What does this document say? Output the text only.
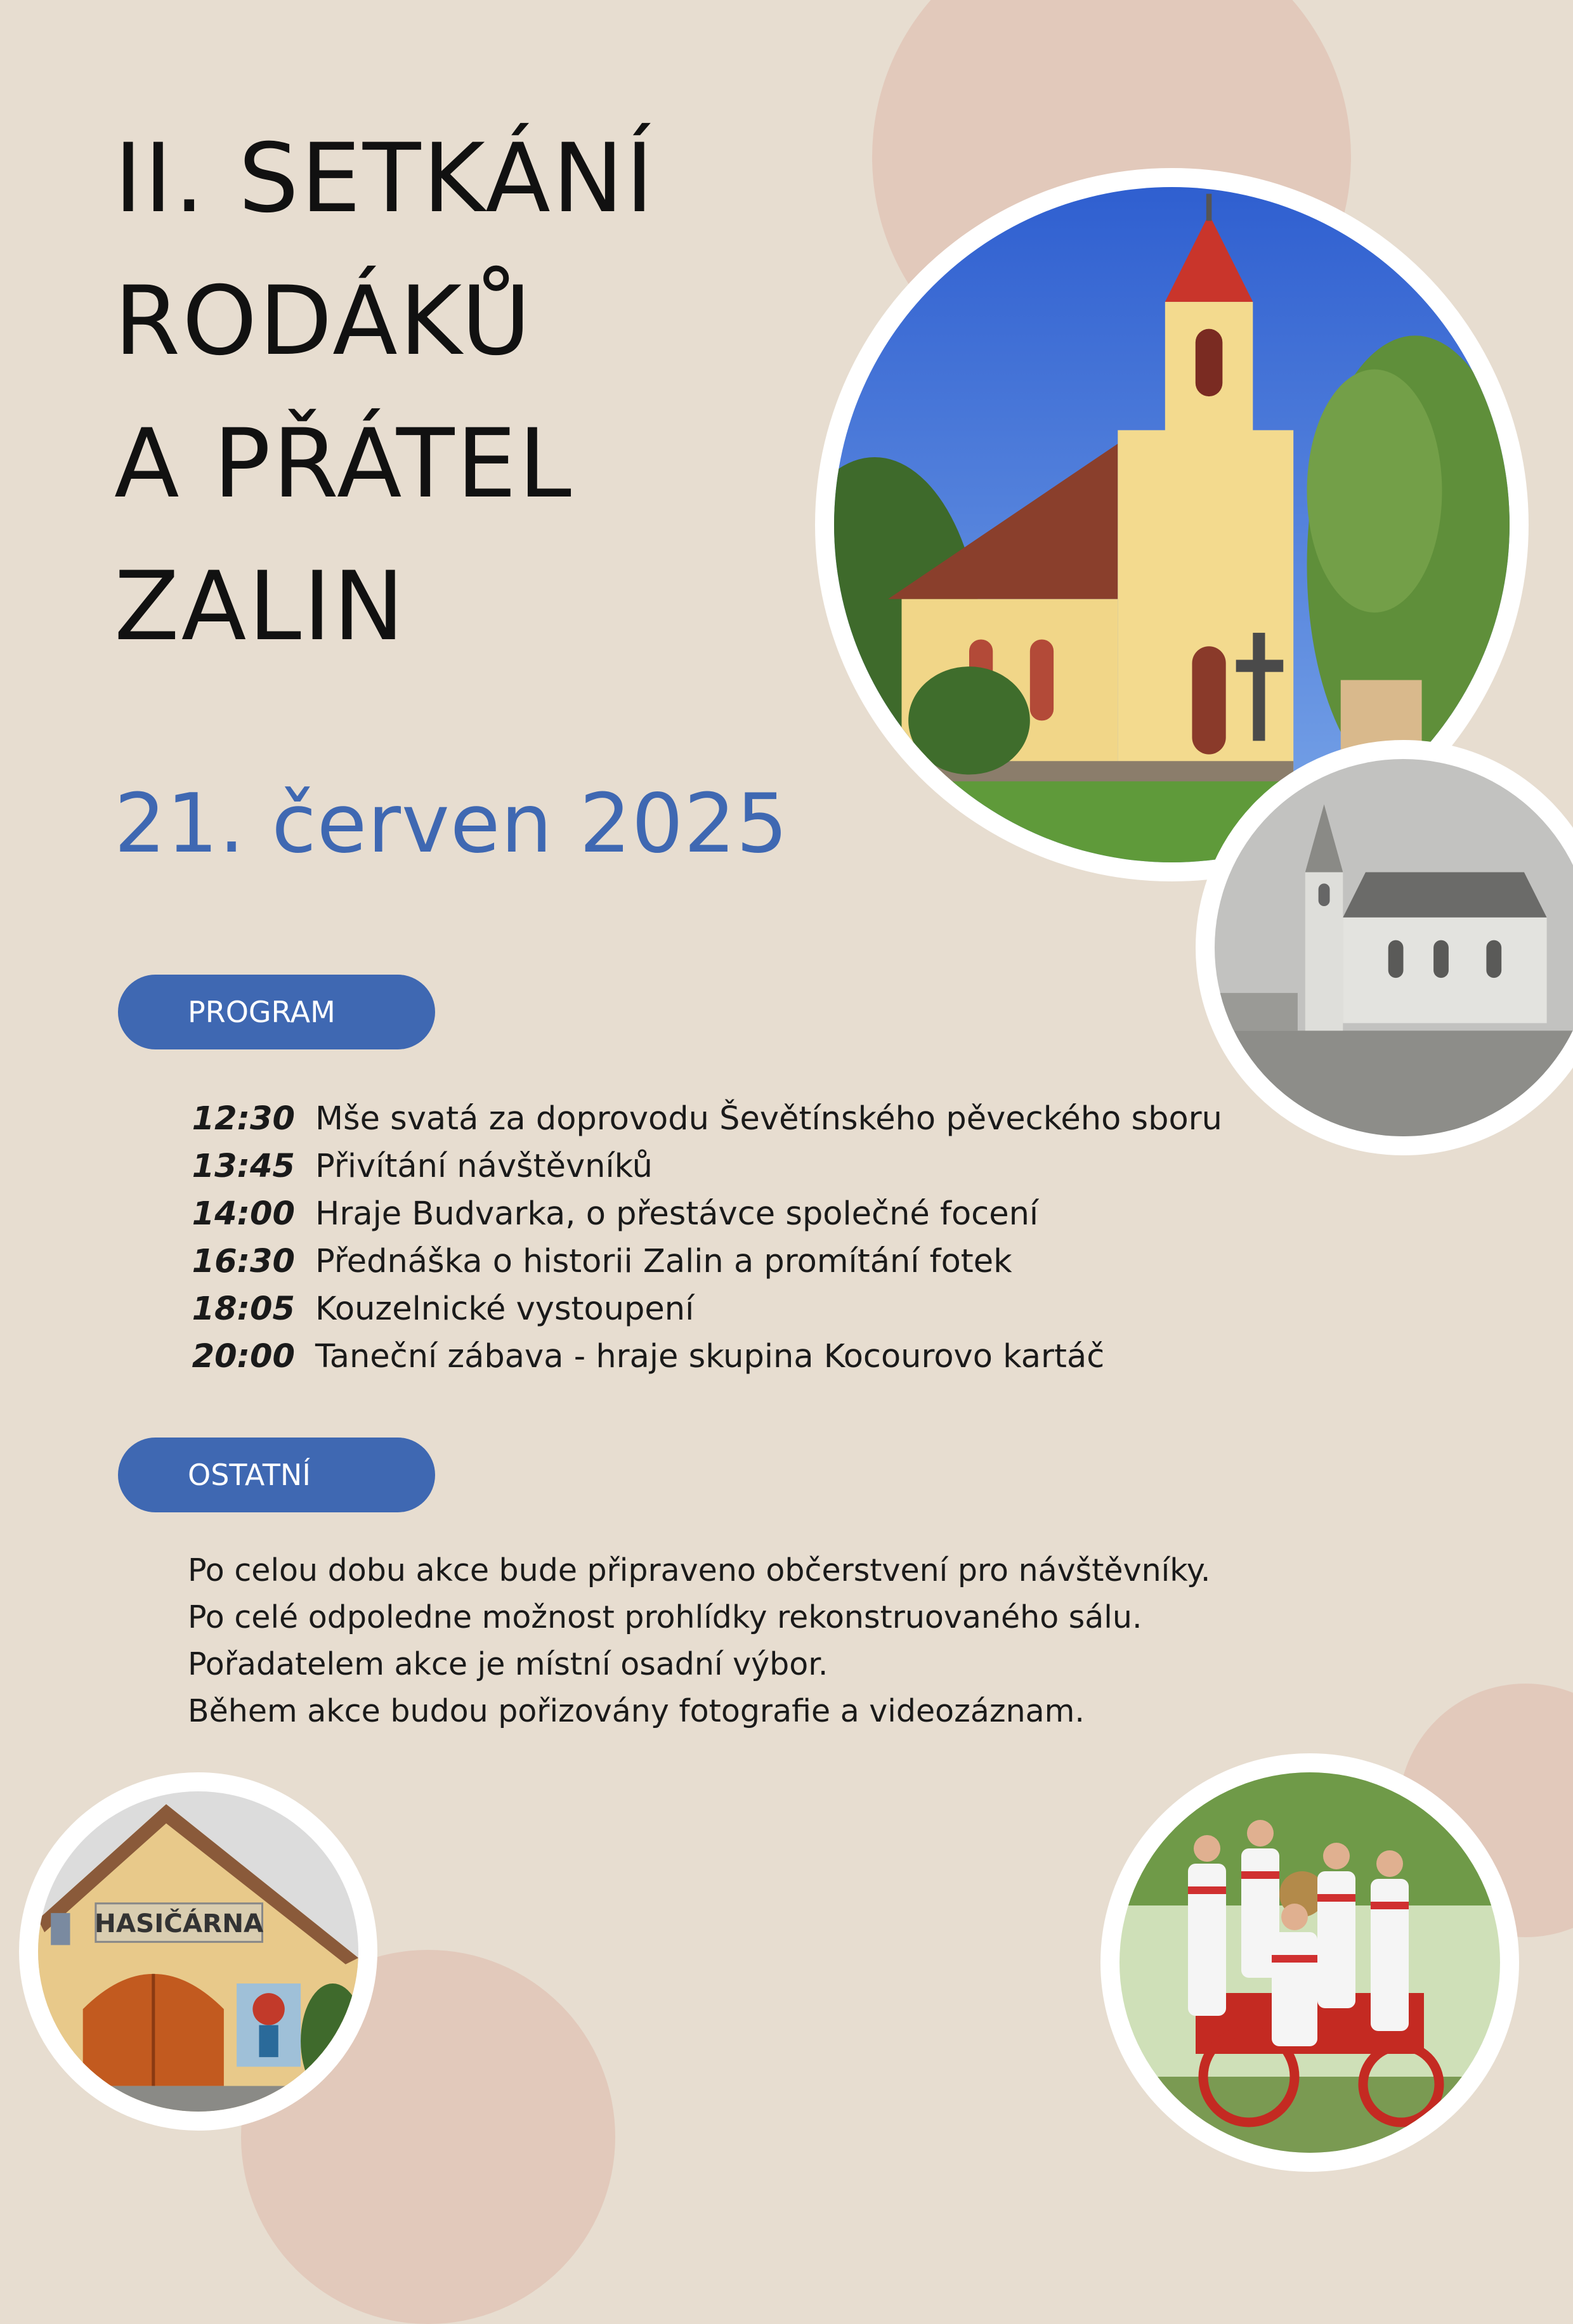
II. SETKÁNÍ
RODÁKŮ
A PŘÁTEL
ZALIN
21. červen 2025
HASIČÁRNA
PROGRAM
12:30 Mše svatá za doprovodu Ševětínského pěveckého sboru
13:45 Přivítání návštěvníků
14:00 Hraje Budvarka, o přestávce společné focení
16:30 Přednáška o historii Zalin a promítání fotek
18:05 Kouzelnické vystoupení
20:00 Taneční zábava - hraje skupina Kocourovo kartáč
OSTATNÍ

Po celou dobu akce bude připraveno občerstvení pro návštěvníky.

Po celé odpoledne možnost prohlídky rekonstruovaného sálu.

Pořadatelem akce je místní osadní výbor.

Během akce budou pořizovány fotografie a videozáznam.
